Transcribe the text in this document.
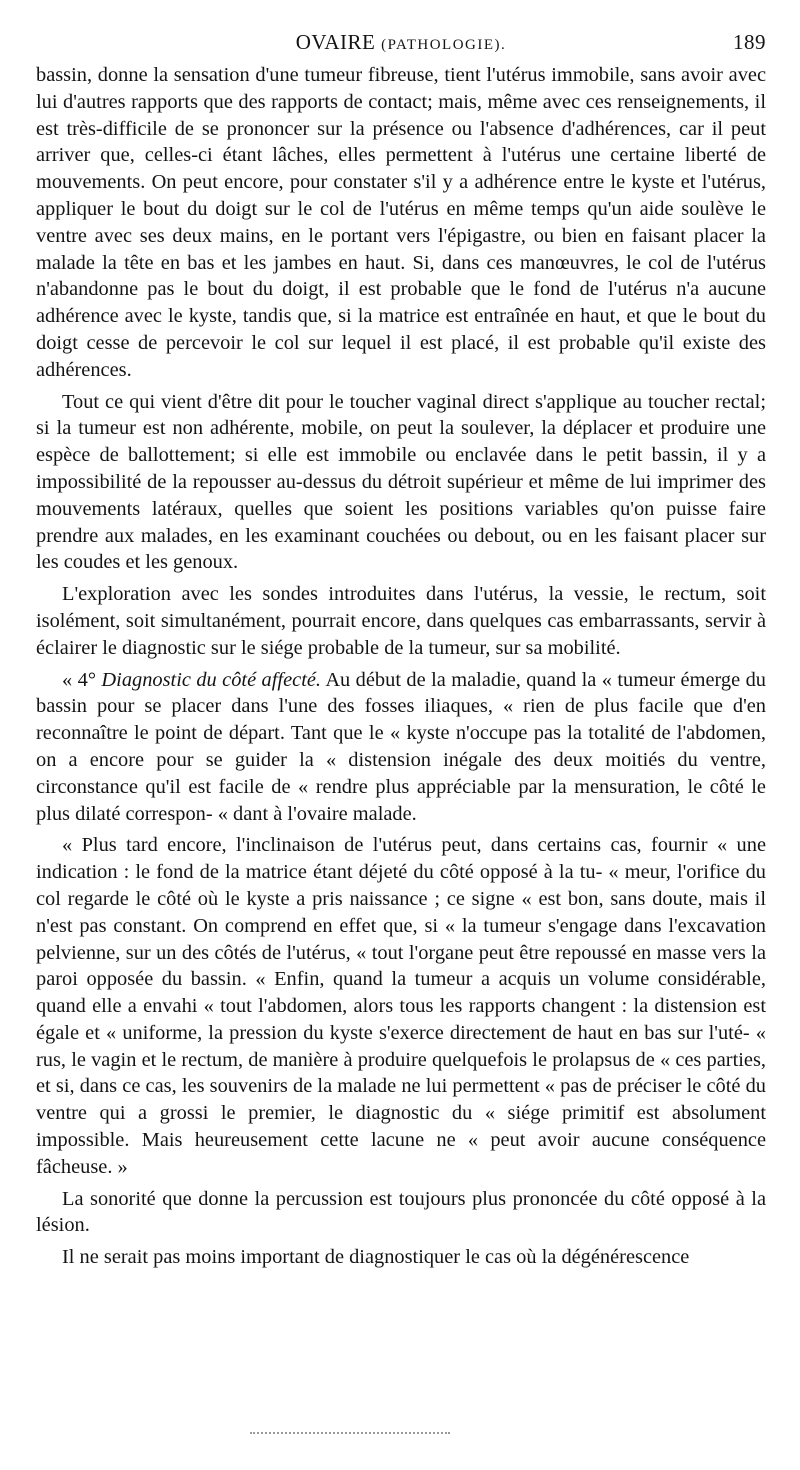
OVAIRE (PATHOLOGIE).	189

bassin, donne la sensation d'une tumeur fibreuse, tient l'utérus immobile, sans avoir avec lui d'autres rapports que des rapports de contact; mais, même avec ces renseignements, il est très-difficile de se prononcer sur la présence ou l'absence d'adhérences, car il peut arriver que, celles-ci étant lâches, elles permettent à l'utérus une certaine liberté de mouvements. On peut encore, pour constater s'il y a adhérence entre le kyste et l'utérus, appliquer le bout du doigt sur le col de l'utérus en même temps qu'un aide soulève le ventre avec ses deux mains, en le portant vers l'épigastre, ou bien en faisant placer la malade la tête en bas et les jambes en haut. Si, dans ces manœuvres, le col de l'utérus n'abandonne pas le bout du doigt, il est probable que le fond de l'utérus n'a aucune adhérence avec le kyste, tandis que, si la matrice est entraînée en haut, et que le bout du doigt cesse de percevoir le col sur lequel il est placé, il est probable qu'il existe des adhérences.

Tout ce qui vient d'être dit pour le toucher vaginal direct s'applique au toucher rectal; si la tumeur est non adhérente, mobile, on peut la soulever, la déplacer et produire une espèce de ballottement; si elle est immobile ou enclavée dans le petit bassin, il y a impossibilité de la repousser au-dessus du détroit supérieur et même de lui imprimer des mouvements latéraux, quelles que soient les positions variables qu'on puisse faire prendre aux malades, en les examinant couchées ou debout, ou en les faisant placer sur les coudes et les genoux.

L'exploration avec les sondes introduites dans l'utérus, la vessie, le rectum, soit isolément, soit simultanément, pourrait encore, dans quelques cas embarrassants, servir à éclairer le diagnostic sur le siége probable de la tumeur, sur sa mobilité.

« 4° Diagnostic du côté affecté. Au début de la maladie, quand la « tumeur émerge du bassin pour se placer dans l'une des fosses iliaques, « rien de plus facile que d'en reconnaître le point de départ. Tant que le « kyste n'occupe pas la totalité de l'abdomen, on a encore pour se guider la « distension inégale des deux moitiés du ventre, circonstance qu'il est facile de « rendre plus appréciable par la mensuration, le côté le plus dilaté correspon- « dant à l'ovaire malade.

« Plus tard encore, l'inclinaison de l'utérus peut, dans certains cas, fournir « une indication : le fond de la matrice étant déjeté du côté opposé à la tu- « meur, l'orifice du col regarde le côté où le kyste a pris naissance ; ce signe « est bon, sans doute, mais il n'est pas constant. On comprend en effet que, si « la tumeur s'engage dans l'excavation pelvienne, sur un des côtés de l'utérus, « tout l'organe peut être repoussé en masse vers la paroi opposée du bassin. « Enfin, quand la tumeur a acquis un volume considérable, quand elle a envahi « tout l'abdomen, alors tous les rapports changent : la distension est égale et « uniforme, la pression du kyste s'exerce directement de haut en bas sur l'uté- « rus, le vagin et le rectum, de manière à produire quelquefois le prolapsus de « ces parties, et si, dans ce cas, les souvenirs de la malade ne lui permettent « pas de préciser le côté du ventre qui a grossi le premier, le diagnostic du « siége primitif est absolument impossible. Mais heureusement cette lacune ne « peut avoir aucune conséquence fâcheuse. »

La sonorité que donne la percussion est toujours plus prononcée du côté opposé à la lésion.

Il ne serait pas moins important de diagnostiquer le cas où la dégénérescence
